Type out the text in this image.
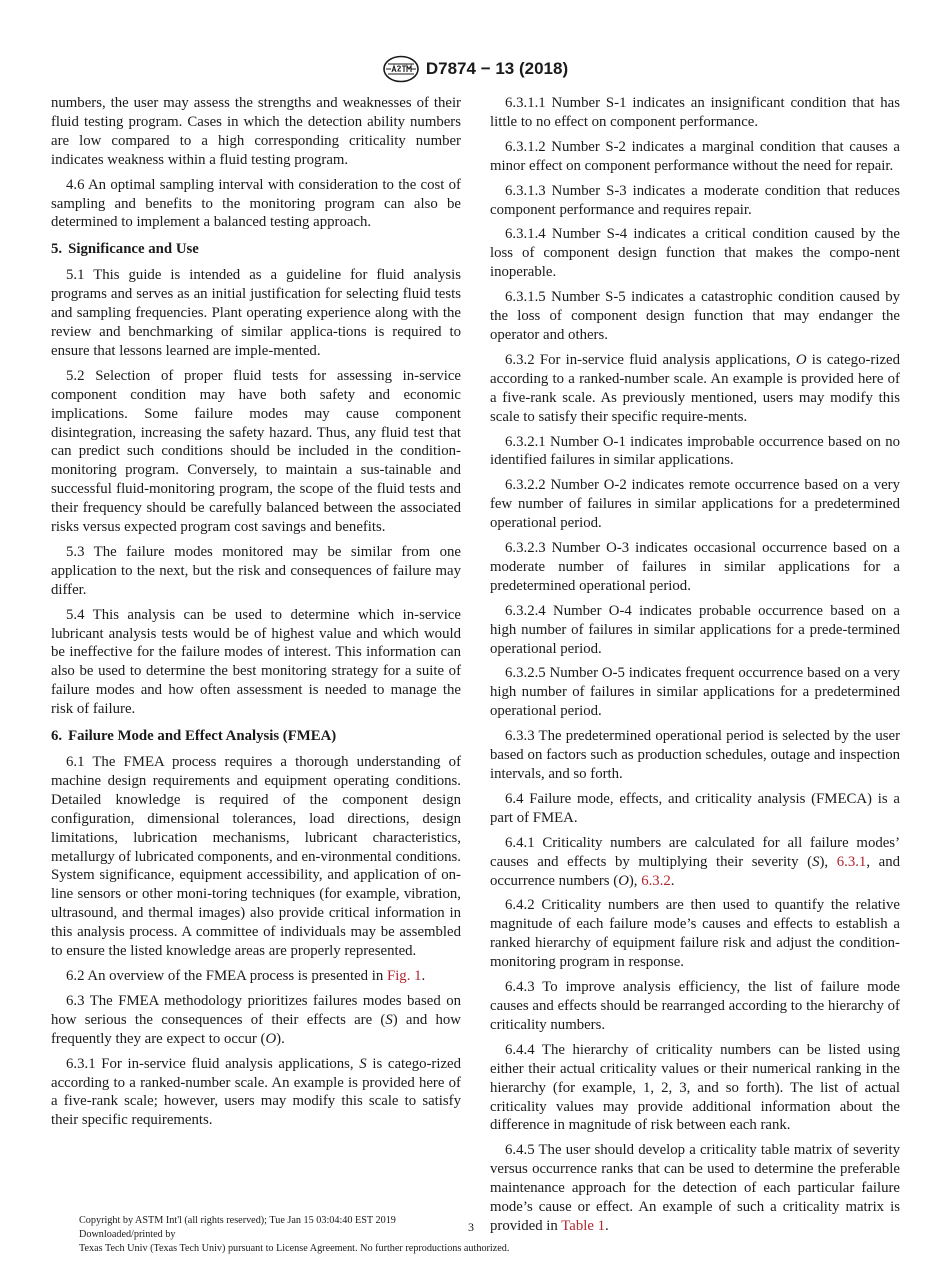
D7874 − 13 (2018)

numbers, the user may assess the strengths and weaknesses of their fluid testing program. Cases in which the detection ability numbers are low compared to a high corresponding criticality number indicates weakness within a fluid testing program.

4.6 An optimal sampling interval with consideration to the cost of sampling and benefits to the monitoring program can also be determined to implement a balanced testing approach.

5. Significance and Use

5.1 This guide is intended as a guideline for fluid analysis programs and serves as an initial justification for selecting fluid tests and sampling frequencies. Plant operating experience along with the review and benchmarking of similar applica-tions is required to ensure that lessons learned are imple-mented.

5.2 Selection of proper fluid tests for assessing in-service component condition may have both safety and economic implications. Some failure modes may cause component disintegration, increasing the safety hazard. Thus, any fluid test that can predict such conditions should be included in the condition-monitoring program. Conversely, to maintain a sus-tainable and successful fluid-monitoring program, the scope of the fluid tests and their frequency should be carefully balanced between the associated risks versus expected program cost savings and benefits.

5.3 The failure modes monitored may be similar from one application to the next, but the risk and consequences of failure may differ.

5.4 This analysis can be used to determine which in-service lubricant analysis tests would be of highest value and which would be ineffective for the failure modes of interest. This information can also be used to determine the best monitoring strategy for a suite of failure modes and how often assessment is needed to manage the risk of failure.

6. Failure Mode and Effect Analysis (FMEA)

6.1 The FMEA process requires a thorough understanding of machine design requirements and equipment operating conditions. Detailed knowledge is required of the component design configuration, dimensional tolerances, load directions, design limitations, lubrication mechanisms, lubricant characteristics, metallurgy of lubricated components, and en-vironmental conditions. System significance, equipment accessibility, and application of on-line sensors or other moni-toring techniques (for example, vibration, ultrasound, and thermal images) also provide critical information in this analysis process. A committee of individuals may be assembled to ensure the listed knowledge areas are properly represented.

6.2 An overview of the FMEA process is presented in Fig. 1.

6.3 The FMEA methodology prioritizes failures modes based on how serious the consequences of their effects are (S) and how frequently they are expect to occur (O).

6.3.1 For in-service fluid analysis applications, S is catego-rized according to a ranked-number scale. An example is provided here of a five-rank scale; however, users may modify this scale to satisfy their specific requirements.

6.3.1.1 Number S-1 indicates an insignificant condition that has little to no effect on component performance.

6.3.1.2 Number S-2 indicates a marginal condition that causes a minor effect on component performance without the need for repair.

6.3.1.3 Number S-3 indicates a moderate condition that reduces component performance and requires repair.

6.3.1.4 Number S-4 indicates a critical condition caused by the loss of component design function that makes the compo-nent inoperable.

6.3.1.5 Number S-5 indicates a catastrophic condition caused by the loss of component design function that may endanger the operator and others.

6.3.2 For in-service fluid analysis applications, O is catego-rized according to a ranked-number scale. An example is provided here of a five-rank scale. As previously mentioned, users may modify this scale to satisfy their specific require-ments.

6.3.2.1 Number O-1 indicates improbable occurrence based on no identified failures in similar applications.

6.3.2.2 Number O-2 indicates remote occurrence based on a very few number of failures in similar applications for a predetermined operational period.

6.3.2.3 Number O-3 indicates occasional occurrence based on a moderate number of failures in similar applications for a predetermined operational period.

6.3.2.4 Number O-4 indicates probable occurrence based on a high number of failures in similar applications for a prede-termined operational period.

6.3.2.5 Number O-5 indicates frequent occurrence based on a very high number of failures in similar applications for a predetermined operational period.

6.3.3 The predetermined operational period is selected by the user based on factors such as production schedules, outage and inspection intervals, and so forth.

6.4 Failure mode, effects, and criticality analysis (FMECA) is a part of FMEA.

6.4.1 Criticality numbers are calculated for all failure modes’ causes and effects by multiplying their severity (S), 6.3.1, and occurrence numbers (O), 6.3.2.

6.4.2 Criticality numbers are then used to quantify the relative magnitude of each failure mode’s causes and effects to establish a ranked hierarchy of equipment failure risk and adjust the condition-monitoring program in response.

6.4.3 To improve analysis efficiency, the list of failure mode causes and effects should be rearranged according to the hierarchy of criticality numbers.

6.4.4 The hierarchy of criticality numbers can be listed using either their actual criticality values or their numerical ranking in the hierarchy (for example, 1, 2, 3, and so forth). The list of actual criticality values may provide additional information about the difference in magnitude of risk between each rank.

6.4.5 The user should develop a criticality table matrix of severity versus occurrence ranks that can be used to determine the preferable maintenance approach for the detection of each particular failure mode’s cause or effect. An example of such a criticality matrix is provided in Table 1.

Copyright by ASTM Int'l (all rights reserved); Tue Jan 15 03:04:40 EST 2019
Downloaded/printed by
Texas Tech Univ (Texas Tech Univ) pursuant to License Agreement. No further reproductions authorized.
3
